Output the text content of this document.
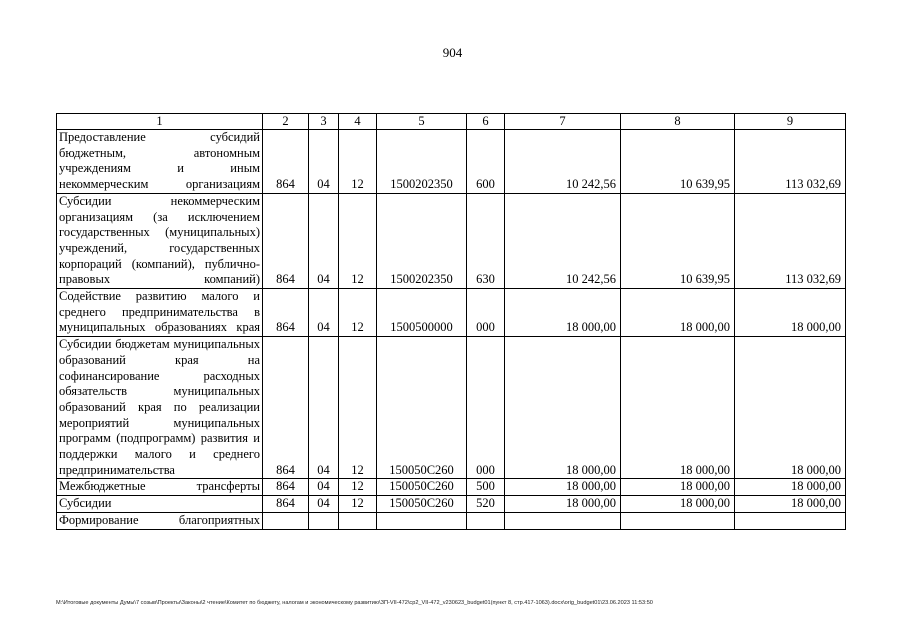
904
1	2	3	4	5	6	7	8	9
Предоставление субсидий бюджетным, автономным учреждениям и иным некоммерческим организациям	864	04	12	1500202350	600	10 242,56	10 639,95	113 032,69
Субсидии некоммерческим организациям (за исключением государственных (муниципальных) учреждений, государственных корпораций (компаний), публично-правовых компаний)	864	04	12	1500202350	630	10 242,56	10 639,95	113 032,69
Содействие развитию малого и среднего предпринимательства в муниципальных образованиях края	864	04	12	1500500000	000	18 000,00	18 000,00	18 000,00
Субсидии бюджетам муниципальных образований края на софинансирование расходных обязательств муниципальных образований края по реализации мероприятий муниципальных программ (подпрограмм) развития и поддержки малого и среднего предпринимательства	864	04	12	150050С260	000	18 000,00	18 000,00	18 000,00
Межбюджетные трансферты	864	04	12	150050С260	500	18 000,00	18 000,00	18 000,00
Субсидии	864	04	12	150050С260	520	18 000,00	18 000,00	18 000,00
Формирование благоприятных								
M:\Итоговые документы Думы\7 созыв\Проекты\Законы\2 чтение\Комитет по бюджету, налогам и экономическому развитию\ЗП-VII-472\ср2_VII-472_v230623_budget01(пункт 8, стр.417-1063).docx\orig_budget01\23.06.2023 11:53:50
